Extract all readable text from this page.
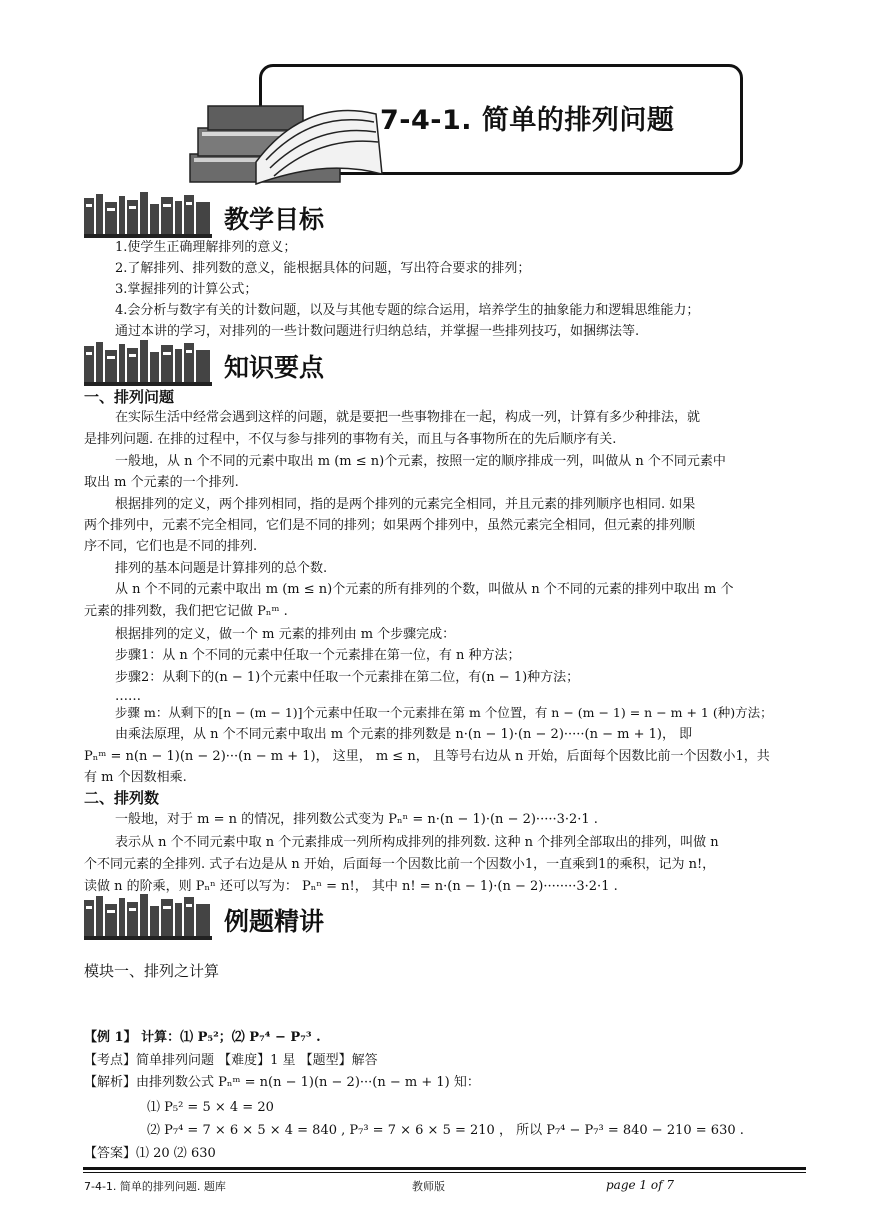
7-4-1. 简单的排列问题
教学目标
1.使学生正确理解排列的意义；
2.了解排列、排列数的意义，能根据具体的问题，写出符合要求的排列；
3.掌握排列的计算公式；
4.会分析与数字有关的计数问题，以及与其他专题的综合运用，培养学生的抽象能力和逻辑思维能力；
通过本讲的学习，对排列的一些计数问题进行归纳总结，并掌握一些排列技巧，如捆绑法等.
知识要点
一、排列问题
在实际生活中经常会遇到这样的问题，就是要把一些事物排在一起，构成一列，计算有多少种排法，就
是排列问题. 在排的过程中，不仅与参与排列的事物有关，而且与各事物所在的先后顺序有关.
一般地，从 n 个不同的元素中取出 m (m ≤ n)个元素，按照一定的顺序排成一列，叫做从 n 个不同元素中
取出 m 个元素的一个排列.
根据排列的定义，两个排列相同，指的是两个排列的元素完全相同，并且元素的排列顺序也相同. 如果
两个排列中，元素不完全相同，它们是不同的排列；如果两个排列中，虽然元素完全相同，但元素的排列顺
序不同，它们也是不同的排列.
排列的基本问题是计算排列的总个数.
从 n 个不同的元素中取出 m (m ≤ n)个元素的所有排列的个数，叫做从 n 个不同的元素的排列中取出 m 个
元素的排列数，我们把它记做 Pₙᵐ .
根据排列的定义，做一个 m 元素的排列由 m 个步骤完成：
步骤1：从 n 个不同的元素中任取一个元素排在第一位，有 n 种方法；
步骤2：从剩下的(n − 1)个元素中任取一个元素排在第二位，有(n − 1)种方法；
……
步骤 m：从剩下的[n − (m − 1)]个元素中任取一个元素排在第 m 个位置，有 n − (m − 1) = n − m + 1 (种)方法；
由乘法原理，从 n 个不同元素中取出 m 个元素的排列数是 n·(n − 1)·(n − 2)·····(n − m + 1)， 即
Pₙᵐ = n(n − 1)(n − 2)···(n − m + 1)， 这里， m ≤ n， 且等号右边从 n 开始，后面每个因数比前一个因数小1，共
有 m 个因数相乘.
二、排列数
一般地，对于 m = n 的情况，排列数公式变为 Pₙⁿ = n·(n − 1)·(n − 2)·····3·2·1 .
表示从 n 个不同元素中取 n 个元素排成一列所构成排列的排列数. 这种 n 个排列全部取出的排列，叫做 n
个不同元素的全排列. 式子右边是从 n 开始，后面每一个因数比前一个因数小1，一直乘到1的乘积，记为 n!，
读做 n 的阶乘，则 Pₙⁿ 还可以写为： Pₙⁿ = n!， 其中 n! = n·(n − 1)·(n − 2)········3·2·1 .
例题精讲
模块一、排列之计算
【例 1】 计算：⑴ P₅²；⑵ P₇⁴ − P₇³ .
【考点】简单排列问题 【难度】1 星 【题型】解答
【解析】由排列数公式 Pₙᵐ = n(n − 1)(n − 2)···(n − m + 1) 知：
⑴ P₅² = 5 × 4 = 20
⑵ P₇⁴ = 7 × 6 × 5 × 4 = 840 , P₇³ = 7 × 6 × 5 = 210 ， 所以 P₇⁴ − P₇³ = 840 − 210 = 630 .
【答案】⑴ 20 ⑵ 630
7-4-1. 简单的排列问题. 题库	教师版	page 1 of 7
